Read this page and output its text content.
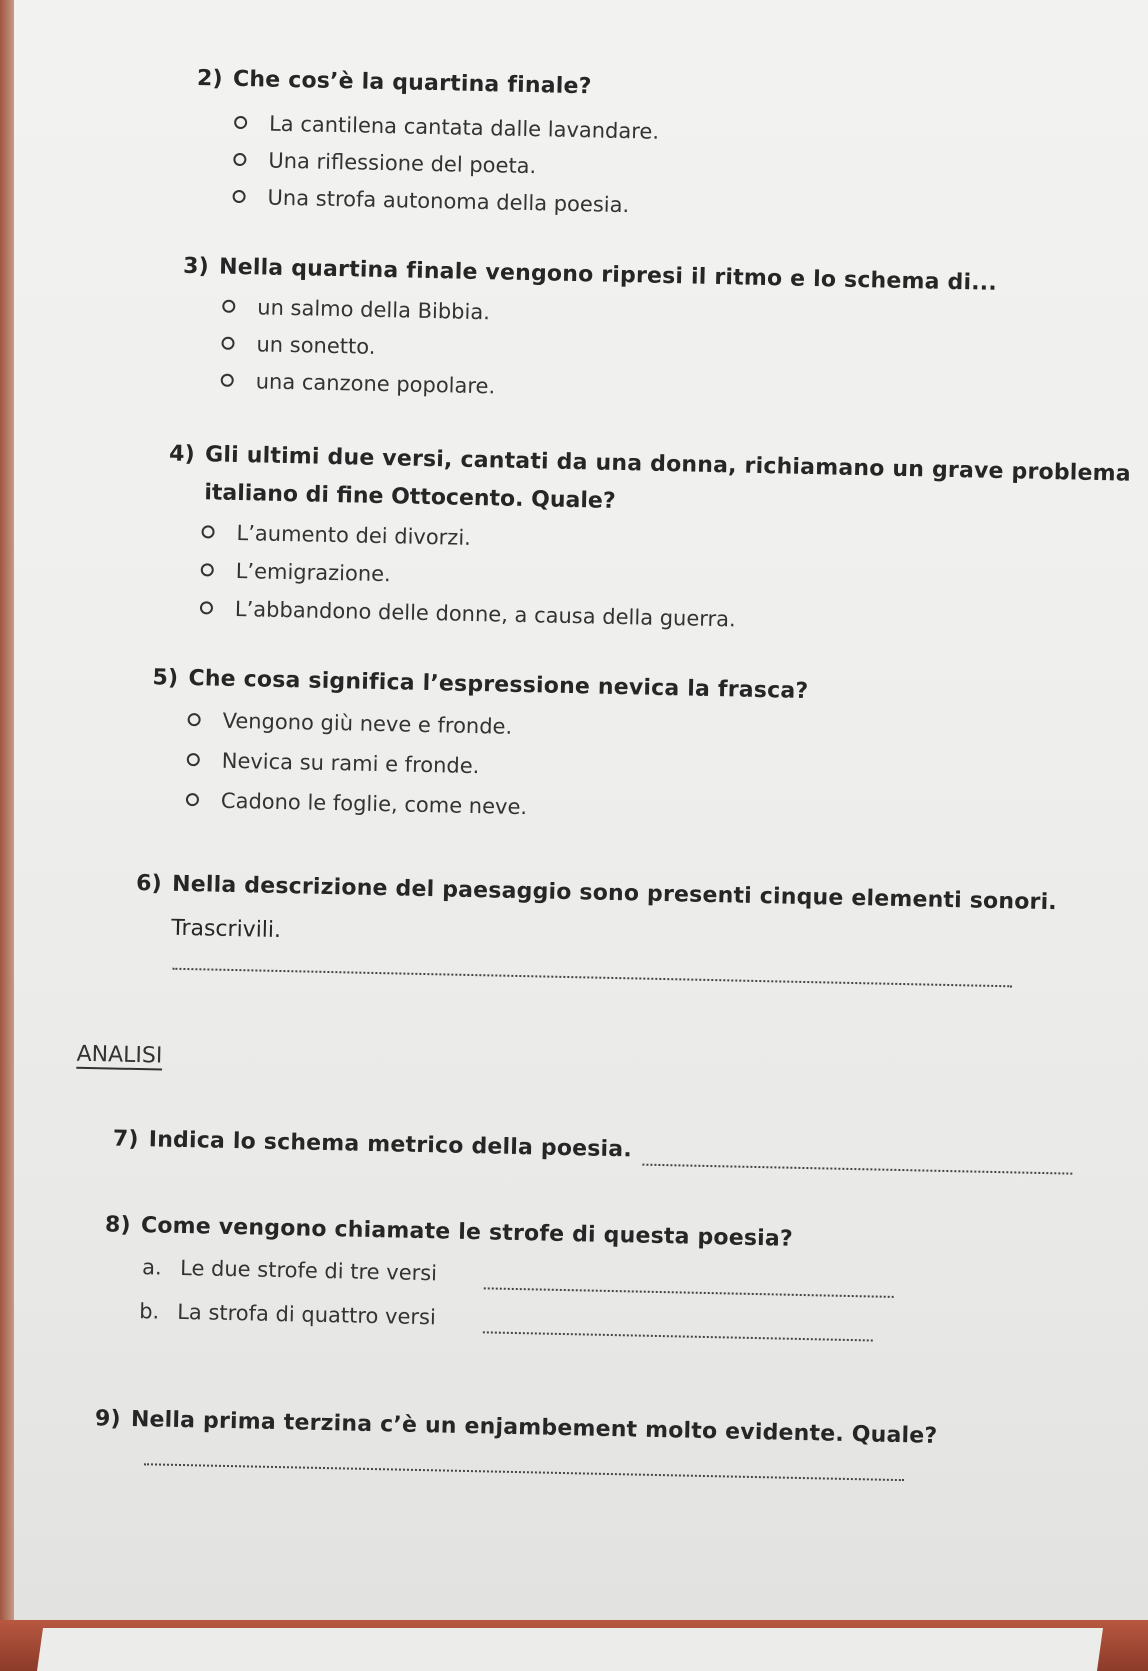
2) Che cos’è la quartina finale?
La cantilena cantata dalle lavandare.
Una riflessione del poeta.
Una strofa autonoma della poesia.
3) Nella quartina finale vengono ripresi il ritmo e lo schema di...
un salmo della Bibbia.
un sonetto.
una canzone popolare.
4) Gli ultimi due versi, cantati da una donna, richiamano un grave problema
italiano di fine Ottocento. Quale?
L’aumento dei divorzi.
L’emigrazione.
L’abbandono delle donne, a causa della guerra.
5) Che cosa significa l’espressione nevica la frasca?
Vengono giù neve e fronde.
Nevica su rami e fronde.
Cadono le foglie, come neve.
6) Nella descrizione del paesaggio sono presenti cinque elementi sonori.
Trascrivili.
ANALISI
7) Indica lo schema metrico della poesia.
8) Come vengono chiamate le strofe di questa poesia?
a. Le due strofe di tre versi
b. La strofa di quattro versi
9) Nella prima terzina c’è un enjambement molto evidente. Quale?
